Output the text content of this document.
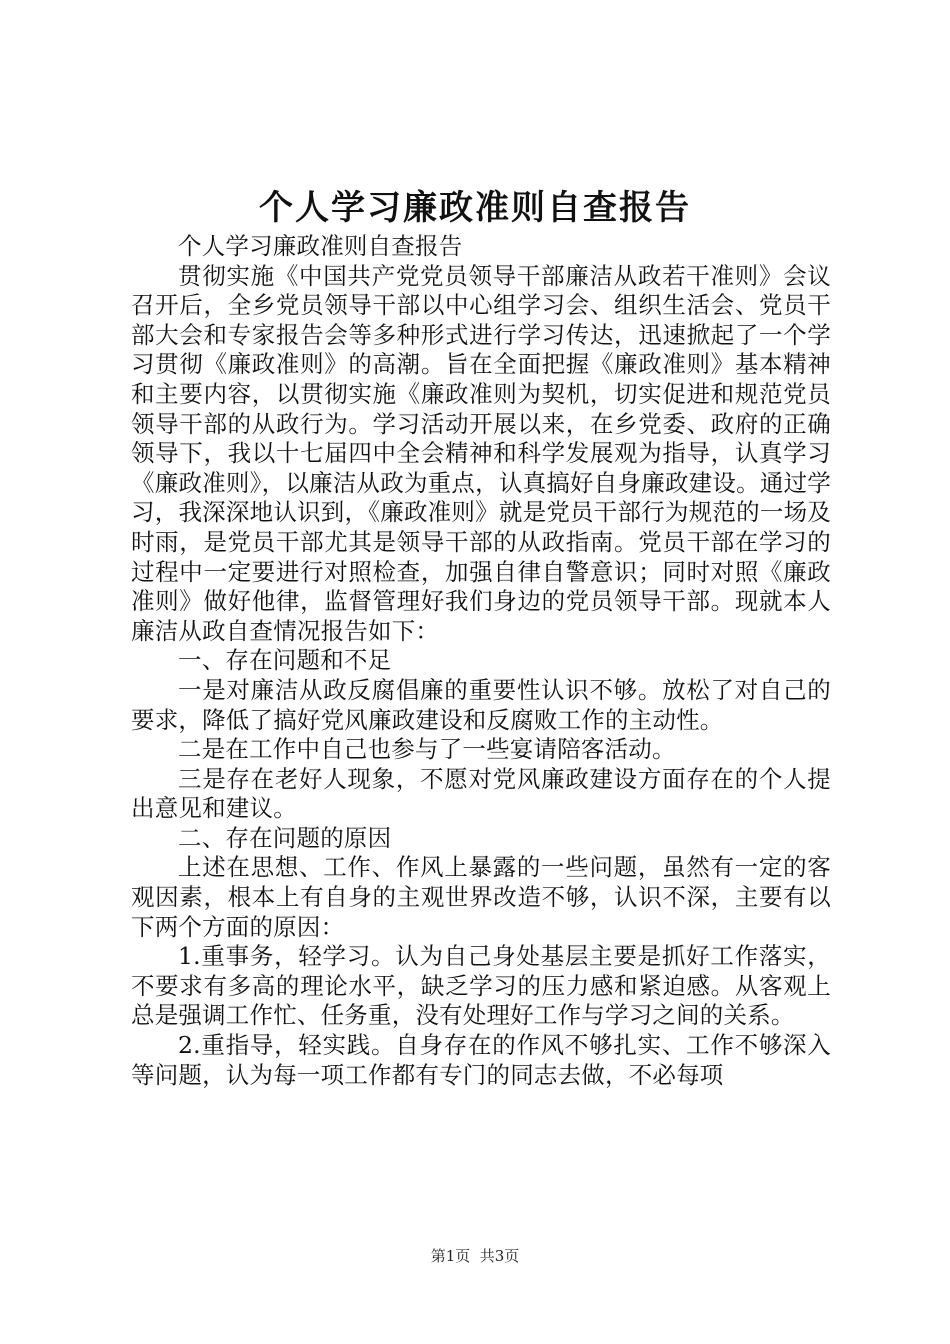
个人学习廉政准则自查报告

个人学习廉政准则自查报告

贯彻实施《中国共产党党员领导干部廉洁从政若干准则》会议召开后，全乡党员领导干部以中心组学习会、组织生活会、党员干部大会和专家报告会等多种形式进行学习传达，迅速掀起了一个学习贯彻《廉政准则》的高潮。旨在全面把握《廉政准则》基本精神和主要内容，以贯彻实施《廉政准则为契机，切实促进和规范党员领导干部的从政行为。学习活动开展以来，在乡党委、政府的正确领导下，我以十七届四中全会精神和科学发展观为指导，认真学习《廉政准则》，以廉洁从政为重点，认真搞好自身廉政建设。通过学习，我深深地认识到，《廉政准则》就是党员干部行为规范的一场及时雨，是党员干部尤其是领导干部的从政指南。党员干部在学习的过程中一定要进行对照检查，加强自律自警意识；同时对照《廉政准则》做好他律，监督管理好我们身边的党员领导干部。现就本人廉洁从政自查情况报告如下：

一、存在问题和不足

一是对廉洁从政反腐倡廉的重要性认识不够。放松了对自己的要求，降低了搞好党风廉政建设和反腐败工作的主动性。

二是在工作中自己也参与了一些宴请陪客活动。

三是存在老好人现象，不愿对党风廉政建设方面存在的个人提出意见和建议。

二、存在问题的原因

上述在思想、工作、作风上暴露的一些问题，虽然有一定的客观因素，根本上有自身的主观世界改造不够，认识不深，主要有以下两个方面的原因：

1.重事务，轻学习。认为自己身处基层主要是抓好工作落实，不要求有多高的理论水平，缺乏学习的压力感和紧迫感。从客观上总是强调工作忙、任务重，没有处理好工作与学习之间的关系。

2.重指导，轻实践。自身存在的作风不够扎实、工作不够深入等问题，认为每一项工作都有专门的同志去做，不必每项

第1页  共3页
